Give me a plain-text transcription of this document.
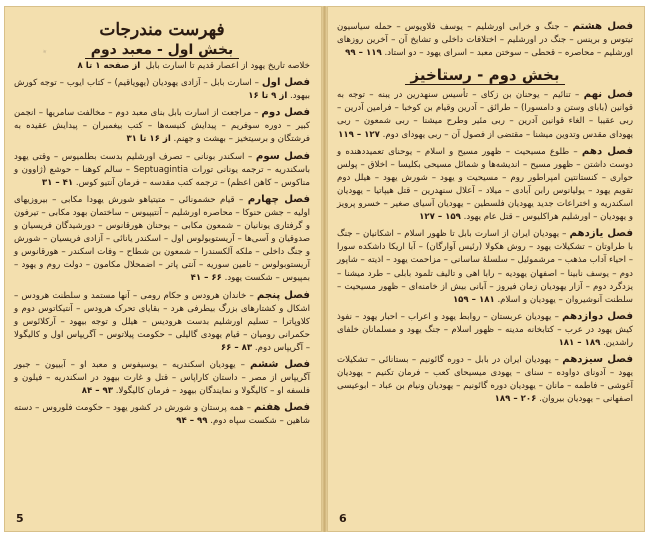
✦
فهرست مندرجات
بخش اول - معبد دوم

خلاصه تاریخ یهود از اعصار قدیم تا اسارت بابل  از صفحه ۱ تا ۸

فصل اول – اسارت بابل – آزادی یهودیان (یهویاقیم) – کتاب ایوب – توجه کورش بیهود. از ۹ تا ۱۶

فصل دوم – مراجعت از اسارت بابل بنای معبد دوم – مخالفت سامریها – انجمن کبیر – دوره سوفریم – پیدایش کنیسه‌ها – کتب بیغمبران – پیدایش عقیده به فرشتگان و برسیتخیز – بهشت و جهنم. از ۱۶ تا ۳۱

فصل سوم – اسکندر بونانی – تصرف اورشلیم بدست بطلمیوس – وقتی یهود باسکندریه – ترجمه یونانی تورات Septuagintia – سالم کوهنا – حوشع (ژاوون و مناکوس – کاهن اعظم) – ترجمه کتب مقدسه – فرمان آنتیو کوس. ۴۱ – ۳۱

فصل چهارم – قیام حشمونائی – متیتیاهو شورش یهودا مکابی – بیروزیهای اولیه – جشن حنوکا – محاصره اورشلیم – آنتیپیوس – ساختمان بهود مکابی – تیرفون و گرفتاری یونانیان – شمعون مکابی – یوحنان هورقانوس – دورشیدگان فریسیان و صدوقیان و آسی‌ها – آریستوبولوس اول – اسکندر یانائی – آزادی فریسیان – شورش و جنگ داخلی – ملکه آلکسندرا – شمعون بن شطاح – وفات اسکندر – هورقانوس و آریستوبولوس – تامین سوریه – آنتی پاتر – اضمحلال مکامون – دولت روم و یهود – بمپیوس – شکست یهود. ۶۶ – ۴۱

فصل پنجم – خاندان هرودس و حکام رومی – آنها مستمد و سلطنت هرودس – اشکال و کشتارهای بزرگ بیطرفی هرد – بقایای تحرک هرودس – آنتیکاتوس دوم و کلاوپاترا – تسلیم اورشلیم بدست هرودیس – هیلل و توجه بیهود – آرکلائوس و حکمرانی رومیان – قیام یهودی گالیلی – حکومت پیلاتوس – آگریپاس اول و کالیگولا – آگریپاس دوم. ۸۳ – ۶۶

فصل ششم – یهودیان اسکندریه – یوسیفوس و معبد او – آبییون – جبور آگریپاس از مصر – داستان کاراپاس – قتل و غارت بیهود در اسکندریه – فیلون و فلسفه او – کالیگولا و نمایندگان بیهود – فرمان کالیگولا. ۹۳ – ۸۴

فصل هفتم – همه پرستان و شورش در کشور یهود – حکومت فلوروس – دسته شاهین – شکست سپاه دوم. ۹۹ – ۹۴

5

فصل هشتم – جنگ و خرابی اورشلیم – یوسف فلاویوس – حمله سیاسیون تیتوس و برینس – جنگ در اورشلیم – اختلافات داخلی و تشایخ آن – آخرین روزهای اورشلیم – محاصره – قحطی – سوختن معبد – اسرای یهود – دو استاد. ۱۱۹ – ۹۹

بخش دوم - رستاخیز

فصل نهم – تنائیم – یوحنان بن زکای – تأسیس سنهدرین در یبنه – توجه به قوانین (بابای وستن و دامسورا) – طرائق – آدرین وقیام بن کوخبا – فرامین آدرین – ربی عقیبا – الغاء قوانین آدرین – ربی مئیر وطرح میشنا – ربی شمعون – ربی یهودای مقدس وتدوین میشنا – مقتضی از فصول آن – ربی یهودای دوم. ۱۲۷ – ۱۱۹

فصل دهم – طلوع مسیحیت – ظهور مسیح و اسلام – یوحنای تعمیددهنده و دوست داشتن – ظهور مسیح – اندیشه‌ها و شمائل مسیحی بکلیسا – اخلاق – پولس حواری – کنستانتین امپراطور روم – مسیحیت و یهود – شورش یهود – هیلل دوم تقویم یهود – یولیانوس رابن آبادی – میلاد – آعلال سنهدرین – قتل هیپاتیا – یهودیان اسکندریه و اختراعات جدید یهودیان فلسطین – یهودیان آسیای صغیر – خسرو پرویز و یهودیان – اورشلیم هراکلیوس – قتل عام یهود. ۱۵۹ – ۱۲۷

فصل یازدهم – یهودیان ایران از اسارت بابل تا ظهور اسلام – اشکانیان – جنگ با طراوتان – تشکیلات یهود – روش هکولا (رئیس آوارگان) – آبا اریکا داشکده سورا – احیاء آداب مذهب – مرشموئیل – سلسلهٔ ساسانی – مزاحمت یهود – اذیته – شاپور دوم – یوسف نابینا – اصفهان یهودیه – رابا اهی و تالیف تلمود بابلی – طرد میشنا – یزدگرد دوم – آزار یهودیان زمان فیروز – آبانی بیش از خامنه‌ای – ظهور مسیحیت – سلطنت آنوشیروان – یهودیان و اسلام. ۱۸۱ – ۱۵۹

فصل دوازدهم – یهودیان عربستان – روابط یهود و اعراب – احبار یهود – نفوذ کیش یهود در عرب – کتابخانه مدینه – ظهور اسلام – جنگ یهود و مسلمانان خلفای راشدین. ۱۸۹ – ۱۸۱

فصل سیزدهم – یهودیان ایران در بابل – دوره گائونیم – بستانائی – تشکیلات یهود – آدونای دواوده – سنای – یهودی میسیحای کعب – فرمان تکنیم – یهودیان آغوشی – فاطمه – مانان – یهودیان دوره گائونیم – یهودیان ونیام بن عباد – ابوعیسی اصفهانی – یهودیان بیروان. ۲۰۶ – ۱۸۹

6
